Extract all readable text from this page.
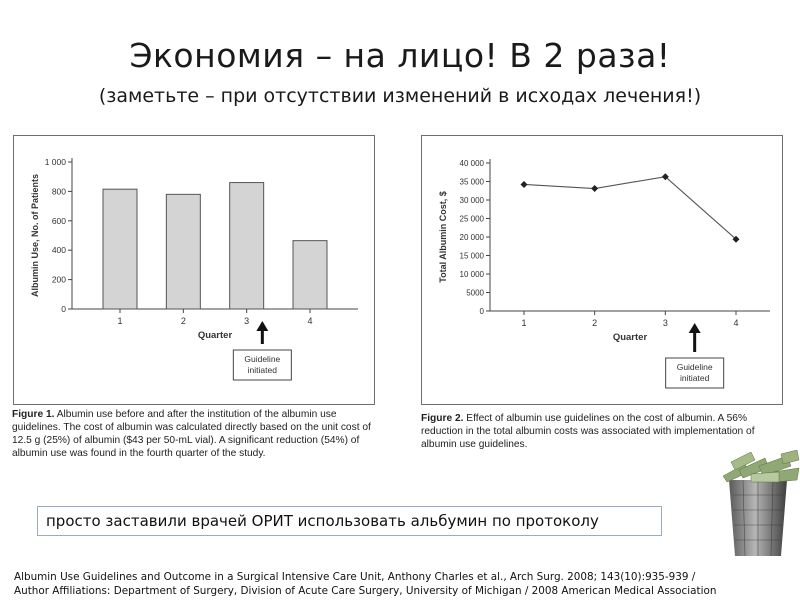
Экономия – на лицо! В 2 раза!
(заметьте – при отсутствии изменений в исходах лечения!)
0
200
400
600
800
1 000
1	2	3	4
Quarter
Albumin Use, No. of Patients
Guideline
initiated
Figure 1. Albumin use before and after the institution of the albumin use guidelines. The cost of albumin was calculated directly based on the unit cost of 12.5 g (25%) of albumin ($43 per 50-mL vial). A significant reduction (54%) of albumin use was found in the fourth quarter of the study.
0
5000
10 000
15 000
20 000
25 000
30 000
35 000
40 000
1	2	3	4
Quarter
Total Albumin Cost, $
Guideline
initiated
Figure 2. Effect of albumin use guidelines on the cost of albumin. A 56% reduction in the total albumin costs was associated with implementation of albumin use guidelines.
просто заставили врачей ОРИТ использовать альбумин по протоколу
Albumin Use Guidelines and Outcome in a Surgical Intensive Care Unit, Anthony Charles et al., Arch Surg. 2008; 143(10):935-939 /
Author Affiliations: Department of Surgery, Division of Acute Care Surgery, University of Michigan / 2008 American Medical Association
